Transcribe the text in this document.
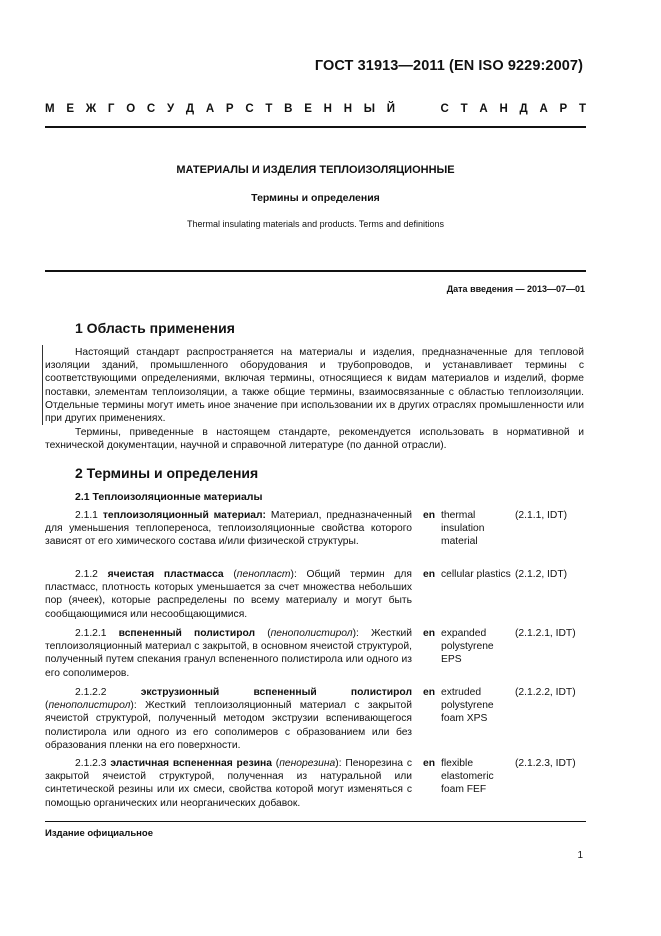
ГОСТ 31913—2011 (EN ISO 9229:2007)
М Е Ж Г О С У Д А Р С Т В Е Н Н Ы Й	С Т А Н Д А Р Т
МАТЕРИАЛЫ И ИЗДЕЛИЯ ТЕПЛОИЗОЛЯЦИОННЫЕ
Термины и определения
Thermal insulating materials and products. Terms and definitions
Дата введения — 2013—07—01
1 Область применения

Настоящий стандарт распространяется на материалы и изделия, предназначенные для тепловой изоляции зданий, промышленного оборудования и трубопроводов, и устанавливает термины с соответствующими определениями, включая термины, относящиеся к видам материалов и изделий, форме поставки, элементам теплоизоляции, а также общие термины, взаимосвязанные с областью теплоизоляции. Отдельные термины могут иметь иное значение при использовании их в других отраслях промышленности или при других применениях.

Термины, приведенные в настоящем стандарте, рекомендуется использовать в нормативной и технической документации, научной и справочной литературе (по данной отрасли).

2 Термины и определения
2.1 Теплоизоляционные материалы
2.1.1 теплоизоляционный материал: Материал, предназначенный для уменьшения теплопереноса, теплоизоляционные свойства которого зависят от его химического состава и/или физической структуры.
en thermal insulation material
(2.1.1, IDT)
2.1.2 ячеистая пластмасса (пенопласт): Общий термин для пластмасс, плотность которых уменьшается за счет множества небольших пор (ячеек), которые распределены по всему материалу и могут быть сообщающимися или несообщающимися.
en cellular plastics (2.1.2, IDT)
2.1.2.1 вспененный полистирол (пенополистирол): Жесткий теплоизоляционный материал с закрытой, в основном ячеистой структурой, полученный путем спекания гранул вспененного полистирола или одного из его сополимеров.
en expanded polystyrene EPS
(2.1.2.1, IDT)
2.1.2.2	экструзионный вспененный полистирол (пенополистирол): Жесткий теплоизоляционный материал с закрытой ячеистой структурой, полученный методом экструзии вспенивающегося полистирола или одного из его сополимеров с образованием или без образования пленки на его поверхности.
en extruded polystyrene foam XPS
(2.1.2.2, IDT)
2.1.2.3 эластичная вспененная резина (пенорезина): Пенорезина с закрытой ячеистой структурой, полученная из натуральной или синтетической резины или их смеси, свойства которой могут изменяться с помощью органических или неорганических добавок.
en flexible elastomeric foam FEF
(2.1.2.3, IDT)
Издание официальное
1
